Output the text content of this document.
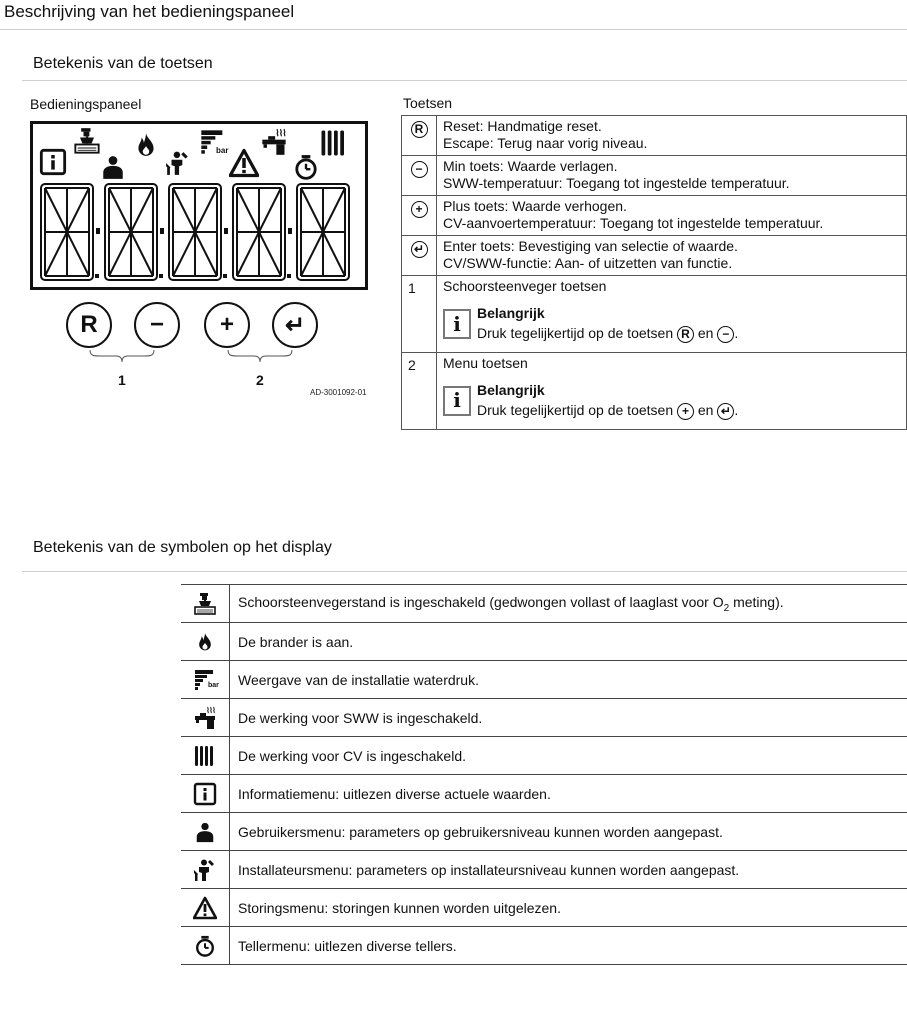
Beschrijving van het bedieningspaneel
Betekenis van de toetsen
Bedieningspaneel	Toetsen
bar
R	−	+	↵
1	2
AD-3001092-01
R	Reset: Handmatige reset.
Escape: Terug naar vorig niveau.

−	Min toets: Waarde verlagen.
SWW-temperatuur: Toegang tot ingestelde temperatuur.

+	Plus toets: Waarde verhogen.
CV-aanvoertemperatuur: Toegang tot ingestelde temperatuur.

↵	Enter toets: Bevestiging van selectie of waarde.
CV/SWW-functie: Aan- of uitzetten van functie.

1	Schoorsteenveger toetsen
i Belangrijk
Druk tegelijkertijd op de toetsen R en − .

2	Menu toetsen
i Belangrijk
Druk tegelijkertijd op de toetsen + en ↵ .
Betekenis van de symbolen op het display
	Schoorsteenvegerstand is ingeschakeld (gedwongen vollast of laaglast voor $O_2$ meting).
	De brander is aan.

bar	Weergave van de installatie waterdruk.
	De werking voor SWW is ingeschakeld.
	De werking voor CV is ingeschakeld.
	Informatiemenu: uitlezen diverse actuele waarden.
	Gebruikersmenu: parameters op gebruikersniveau kunnen worden aangepast.
	Installateursmenu: parameters op installateursniveau kunnen worden aangepast.
	Storingsmenu: storingen kunnen worden uitgelezen.
	Tellermenu: uitlezen diverse tellers.
